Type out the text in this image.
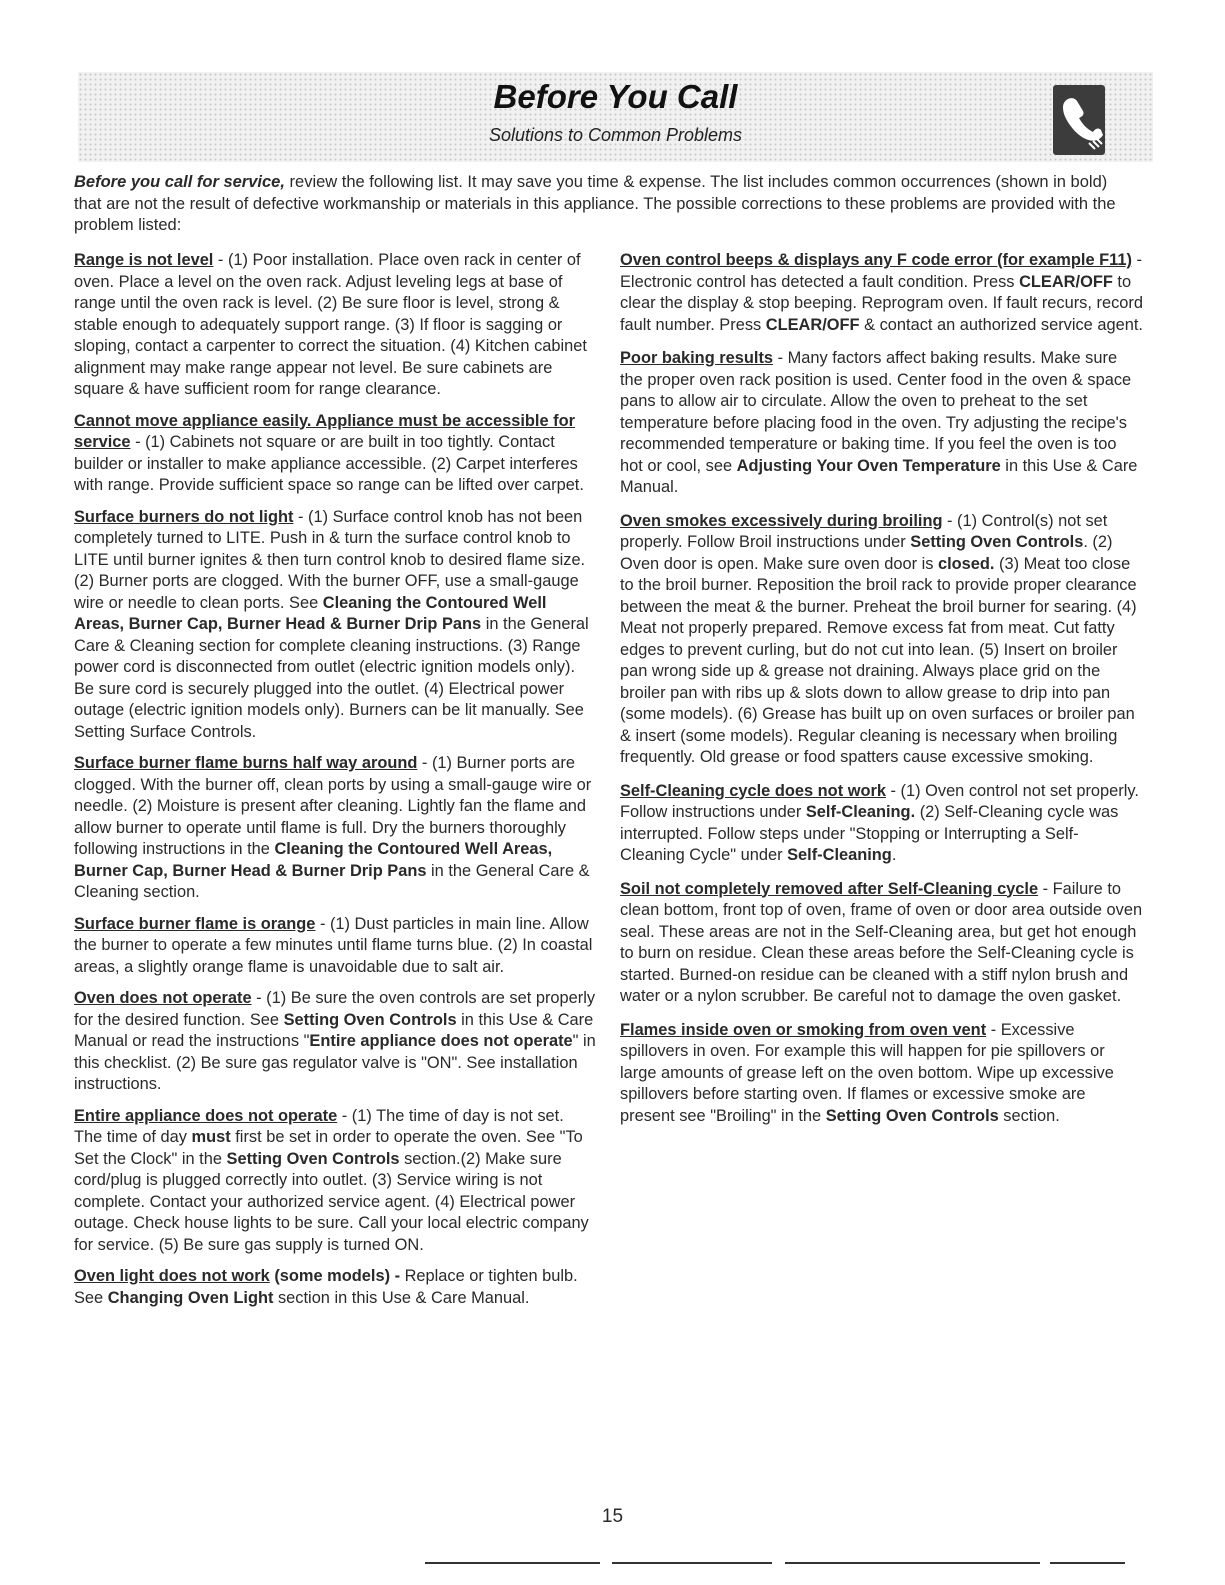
Before You Call
Solutions to Common Problems
Before you call for service, review the following list. It may save you time & expense. The list includes common occurrences (shown in bold) that are not the result of defective workmanship or materials in this appliance. The possible corrections to these problems are provided with the problem listed:

Range is not level - (1) Poor installation. Place oven rack in center of oven. Place a level on the oven rack. Adjust leveling legs at base of range until the oven rack is level. (2) Be sure floor is level, strong & stable enough to adequately support range. (3) If floor is sagging or sloping, contact a carpenter to correct the situation. (4) Kitchen cabinet alignment may make range appear not level. Be sure cabinets are square & have sufficient room for range clearance.

Cannot move appliance easily. Appliance must be accessible for service - (1) Cabinets not square or are built in too tightly. Contact builder or installer to make appliance accessible. (2) Carpet interferes with range. Provide sufficient space so range can be lifted over carpet.

Surface burners do not light - (1) Surface control knob has not been completely turned to LITE. Push in & turn the surface control knob to LITE until burner ignites & then turn control knob to desired flame size. (2) Burner ports are clogged. With the burner OFF, use a small-gauge wire or needle to clean ports. See Cleaning the Contoured Well Areas, Burner Cap, Burner Head & Burner Drip Pans in the General Care & Cleaning section for complete cleaning instructions. (3) Range power cord is disconnected from outlet (electric ignition models only). Be sure cord is securely plugged into the outlet. (4) Electrical power outage (electric ignition models only). Burners can be lit manually. See Setting Surface Controls.

Surface burner flame burns half way around - (1) Burner ports are clogged. With the burner off, clean ports by using a small-gauge wire or needle. (2) Moisture is present after cleaning. Lightly fan the flame and allow burner to operate until flame is full. Dry the burners thoroughly following instructions in the Cleaning the Contoured Well Areas, Burner Cap, Burner Head & Burner Drip Pans in the General Care & Cleaning section.

Surface burner flame is orange - (1) Dust particles in main line. Allow the burner to operate a few minutes until flame turns blue. (2) In coastal areas, a slightly orange flame is unavoidable due to salt air.

Oven does not operate - (1) Be sure the oven controls are set properly for the desired function. See Setting Oven Controls in this Use & Care Manual or read the instructions "Entire appliance does not operate" in this checklist. (2) Be sure gas regulator valve is "ON". See installation instructions.

Entire appliance does not operate - (1) The time of day is not set. The time of day must first be set in order to operate the oven. See "To Set the Clock" in the Setting Oven Controls section.(2) Make sure cord/plug is plugged correctly into outlet. (3) Service wiring is not complete. Contact your authorized service agent. (4) Electrical power outage. Check house lights to be sure. Call your local electric company for service. (5) Be sure gas supply is turned ON.

Oven light does not work (some models) - Replace or tighten bulb. See Changing Oven Light section in this Use & Care Manual.

Oven control beeps & displays any F code error (for example F11) - Electronic control has detected a fault condition. Press CLEAR/OFF to clear the display & stop beeping. Reprogram oven. If fault recurs, record fault number. Press CLEAR/OFF & contact an authorized service agent.

Poor baking results - Many factors affect baking results. Make sure the proper oven rack position is used. Center food in the oven & space pans to allow air to circulate. Allow the oven to preheat to the set temperature before placing food in the oven. Try adjusting the recipe's recommended temperature or baking time. If you feel the oven is too hot or cool, see Adjusting Your Oven Temperature in this Use & Care Manual.

Oven smokes excessively during broiling - (1) Control(s) not set properly. Follow Broil instructions under Setting Oven Controls. (2) Oven door is open. Make sure oven door is closed. (3) Meat too close to the broil burner. Reposition the broil rack to provide proper clearance between the meat & the burner. Preheat the broil burner for searing. (4) Meat not properly prepared. Remove excess fat from meat. Cut fatty edges to prevent curling, but do not cut into lean. (5) Insert on broiler pan wrong side up & grease not draining. Always place grid on the broiler pan with ribs up & slots down to allow grease to drip into pan (some models). (6) Grease has built up on oven surfaces or broiler pan & insert (some models). Regular cleaning is necessary when broiling frequently. Old grease or food spatters cause excessive smoking.

Self-Cleaning cycle does not work - (1) Oven control not set properly. Follow instructions under Self-Cleaning. (2) Self-Cleaning cycle was interrupted. Follow steps under "Stopping or Interrupting a Self-Cleaning Cycle" under Self-Cleaning.

Soil not completely removed after Self-Cleaning cycle - Failure to clean bottom, front top of oven, frame of oven or door area outside oven seal. These areas are not in the Self-Cleaning area, but get hot enough to burn on residue. Clean these areas before the Self-Cleaning cycle is started. Burned-on residue can be cleaned with a stiff nylon brush and water or a nylon scrubber. Be careful not to damage the oven gasket.

Flames inside oven or smoking from oven vent - Excessive spillovers in oven. For example this will happen for pie spillovers or large amounts of grease left on the oven bottom. Wipe up excessive spillovers before starting oven. If flames or excessive smoke are present see "Broiling" in the Setting Oven Controls section.

15
